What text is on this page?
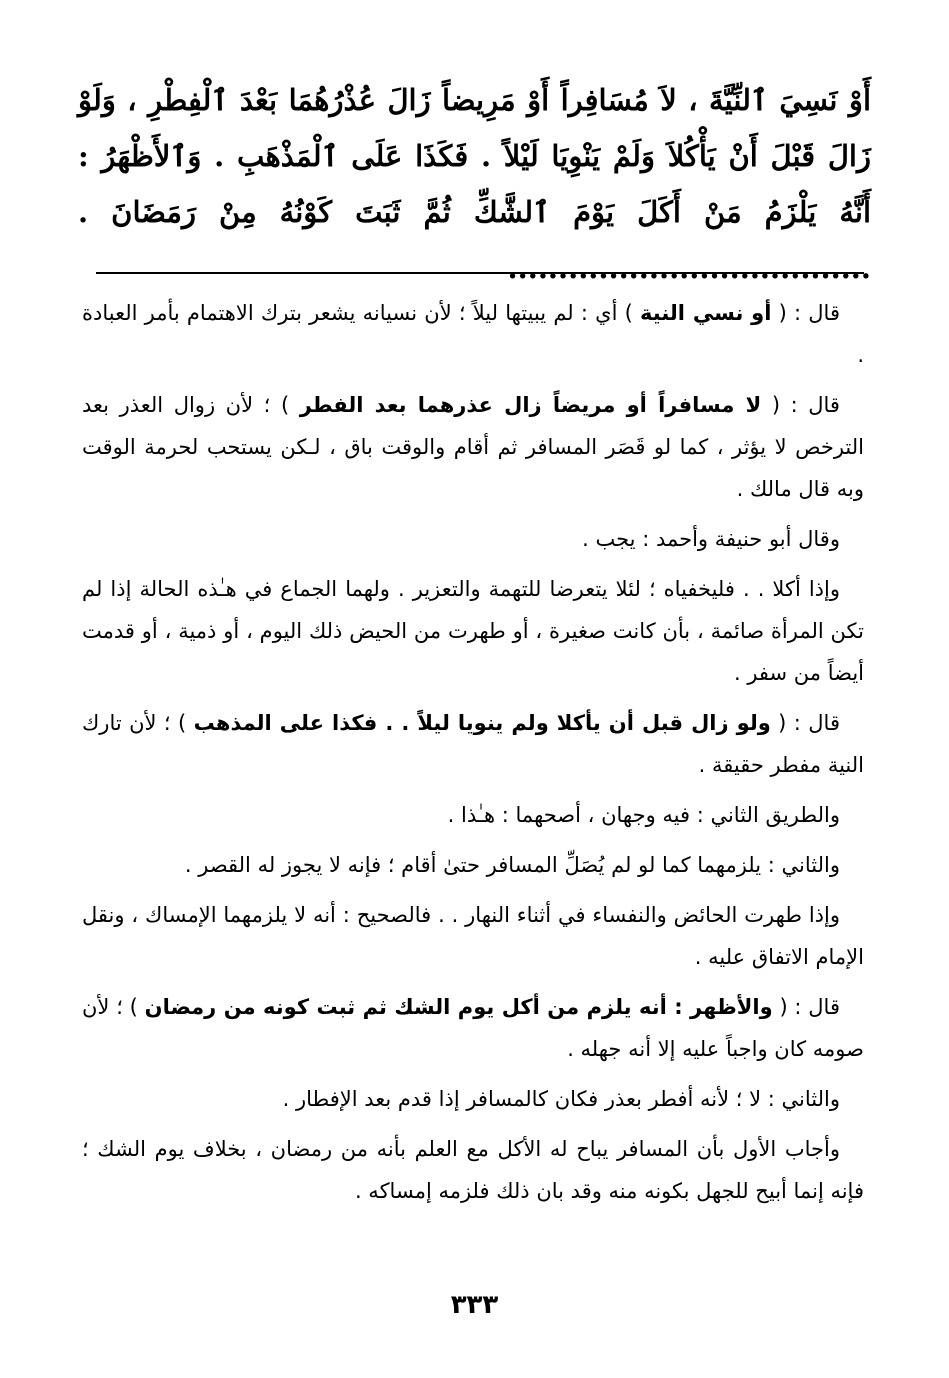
أَوْ نَسِيَ ٱلنِّيَّةَ ، لاَ مُسَافِراً أَوْ مَرِيضاً زَالَ عُذْرُهُمَا بَعْدَ ٱلْفِطْرِ ، وَلَوْ زَالَ قَبْلَ أَنْ يَأْكُلاَ وَلَمْ يَنْوِيَا لَيْلاً . فَكَذَا عَلَى ٱلْمَذْهَبِ . وَٱلأَظْهَرُ : أَنَّهُ يَلْزَمُ مَنْ أَكَلَ يَوْمَ ٱلشَّكِّ ثُمَّ ثَبَتَ كَوْنُهُ مِنْ رَمَضَانَ . ....................................

قال : ( أو نسي النية ) أي : لم يبيتها ليلاً ؛ لأن نسيانه يشعر بترك الاهتمام بأمر العبادة .

قال : ( لا مسافراً أو مريضاً زال عذرهما بعد الفطر ) ؛ لأن زوال العذر بعد الترخص لا يؤثر ، كما لو قَصَر المسافر ثم أقام والوقت باق ، لـكن يستحب لحرمة الوقت وبه قال مالك .

وقال أبو حنيفة وأحمد : يجب .

وإذا أكلا . . فليخفياه ؛ لئلا يتعرضا للتهمة والتعزير . ولهما الجماع في هـٰذه الحالة إذا لم تكن المرأة صائمة ، بأن كانت صغيرة ، أو طهرت من الحيض ذلك اليوم ، أو ذمية ، أو قدمت أيضاً من سفر .

قال : ( ولو زال قبل أن يأكلا ولم ينويا ليلاً . . فكذا على المذهب ) ؛ لأن تارك النية مفطر حقيقة .

والطريق الثاني : فيه وجهان ، أصحهما : هـٰذا .

والثاني : يلزمهما كما لو لم يُصَلِّ المسافر حتىٰ أقام ؛ فإنه لا يجوز له القصر .

وإذا طهرت الحائض والنفساء في أثناء النهار . . فالصحيح : أنه لا يلزمهما الإمساك ، ونقل الإمام الاتفاق عليه .

قال : ( والأظهر : أنه يلزم من أكل يوم الشك ثم ثبت كونه من رمضان ) ؛ لأن صومه كان واجباً عليه إلا أنه جهله .

والثاني : لا ؛ لأنه أفطر بعذر فكان كالمسافر إذا قدم بعد الإفطار .

وأجاب الأول بأن المسافر يباح له الأكل مع العلم بأنه من رمضان ، بخلاف يوم الشك ؛ فإنه إنما أبيح للجهل بكونه منه وقد بان ذلك فلزمه إمساكه .

٣٣٣
